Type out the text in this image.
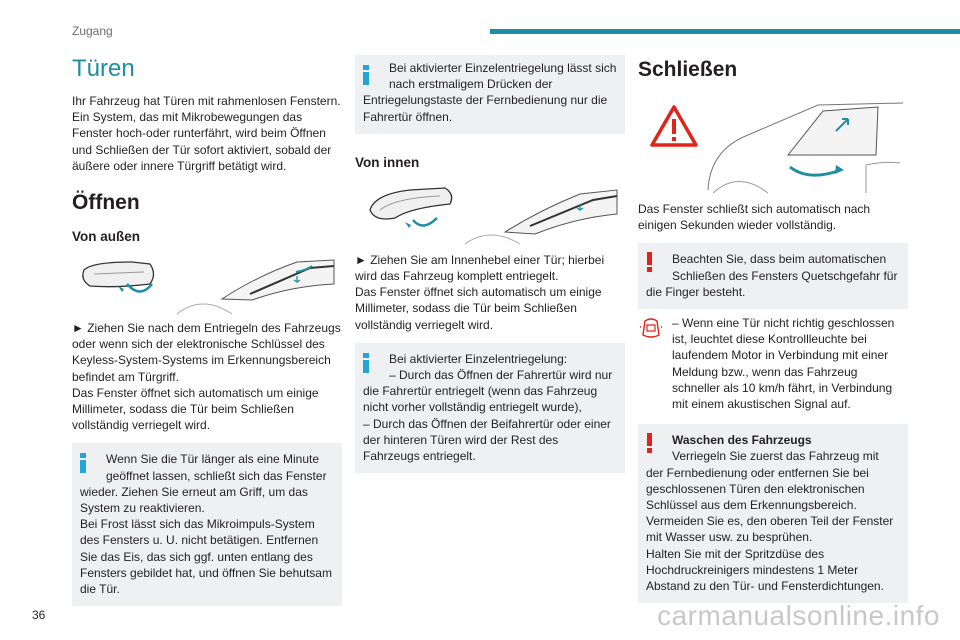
Zugang
Türen

Ihr Fahrzeug hat Türen mit rahmenlosen Fenstern. Ein System, das mit Mikrobewegungen das Fenster hoch-oder runterfährt, wird beim Öffnen und Schließen der Tür sofort aktiviert, sobald der äußere oder innere Türgriff betätigt wird.

Öffnen
Von außen

► Ziehen Sie nach dem Entriegeln des Fahrzeugs oder wenn sich der elektronische Schlüssel des Keyless-System-Systems im Erkennungsbereich befindet am Türgriff.

Das Fenster öffnet sich automatisch um einige Millimeter, sodass die Tür beim Schließen vollständig verriegelt wird.

Wenn Sie die Tür länger als eine Minute
geöffnet lassen, schließt sich das Fenster
wieder. Ziehen Sie erneut am Griff, um das System zu reaktivieren.
Bei Frost lässt sich das Mikroimpuls-System des Fensters u. U. nicht betätigen. Entfernen Sie das Eis, das sich ggf. unten entlang des Fensters gebildet hat, und öffnen Sie behutsam die Tür.
Bei aktivierter Einzelentriegelung lässt sich
nach erstmaligem Drücken der
Entriegelungstaste der Fernbedienung nur die Fahrertür öffnen.
Von innen

► Ziehen Sie am Innenhebel einer Tür; hierbei wird das Fahrzeug komplett entriegelt.

Das Fenster öffnet sich automatisch um einige Millimeter, sodass die Tür beim Schließen vollständig verriegelt wird.

Bei aktivierter Einzelentriegelung:
– Durch das Öffnen der Fahrertür wird nur
die Fahrertür entriegelt (wenn das Fahrzeug nicht vorher vollständig entriegelt wurde),
– Durch das Öffnen der Beifahrertür oder einer der hinteren Türen wird der Rest des Fahrzeugs entriegelt.
Schließen

Das Fenster schließt sich automatisch nach einigen Sekunden wieder vollständig.

Beachten Sie, dass beim automatischen
Schließen des Fensters Quetschgefahr für
die Finger besteht.
– Wenn eine Tür nicht richtig geschlossen ist, leuchtet diese Kontrollleuchte bei laufendem Motor in Verbindung mit einer Meldung bzw., wenn das Fahrzeug schneller als 10 km/h fährt, in Verbindung mit einem akustischen Signal auf.
Waschen des Fahrzeugs
Verriegeln Sie zuerst das Fahrzeug mit
der Fernbedienung oder entfernen Sie bei geschlossenen Türen den elektronischen Schlüssel aus dem Erkennungsbereich.
Vermeiden Sie es, den oberen Teil der Fenster mit Wasser usw. zu besprühen.
Halten Sie mit der Spritzdüse des Hochdruckreinigers mindestens 1 Meter Abstand zu den Tür- und Fensterdichtungen.
36	carmanualsonline.info
